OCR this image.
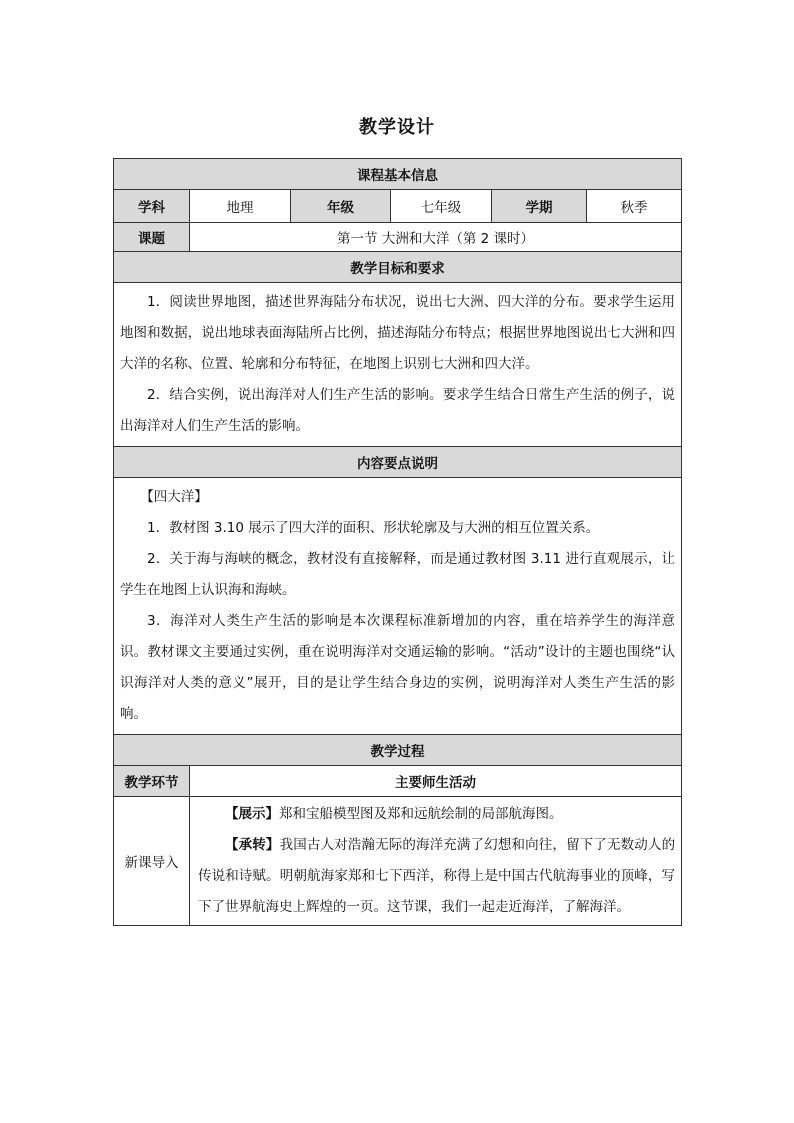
教学设计
课程基本信息					
学科	地理	年级	七年级	学期	秋季
课题	第一节 大洲和大洋（第 2 课时）				
教学目标和要求					

1．阅读世界地图，描述世界海陆分布状况，说出七大洲、四大洋的分布。要求学生运用地图和数据，说出地球表面海陆所占比例，描述海陆分布特点；根据世界地图说出七大洲和四大洋的名称、位置、轮廓和分布特征，在地图上识别七大洲和四大洋。

2．结合实例，说出海洋对人们生产生活的影响。要求学生结合日常生产生活的例子，说出海洋对人们生产生活的影响。					

内容要点说明					

【四大洋】

1．教材图 3.10 展示了四大洋的面积、形状轮廓及与大洲的相互位置关系。

2．关于海与海峡的概念，教材没有直接解释，而是通过教材图 3.11 进行直观展示，让学生在地图上认识海和海峡。

3．海洋对人类生产生活的影响是本次课程标准新增加的内容，重在培养学生的海洋意识。教材课文主要通过实例，重在说明海洋对交通运输的影响。“活动”设计的主题也围绕“认识海洋对人类的意义”展开，目的是让学生结合身边的实例，说明海洋对人类生产生活的影响。					

教学过程					
教学环节	主要师生活动				
新课导入	【展示】郑和宝船模型图及郑和远航绘制的局部航海图。

【承转】我国古人对浩瀚无际的海洋充满了幻想和向往，留下了无数动人的传说和诗赋。明朝航海家郑和七下西洋，称得上是中国古代航海事业的顶峰，写下了世界航海史上辉煌的一页。这节课，我们一起走近海洋，了解海洋。				
